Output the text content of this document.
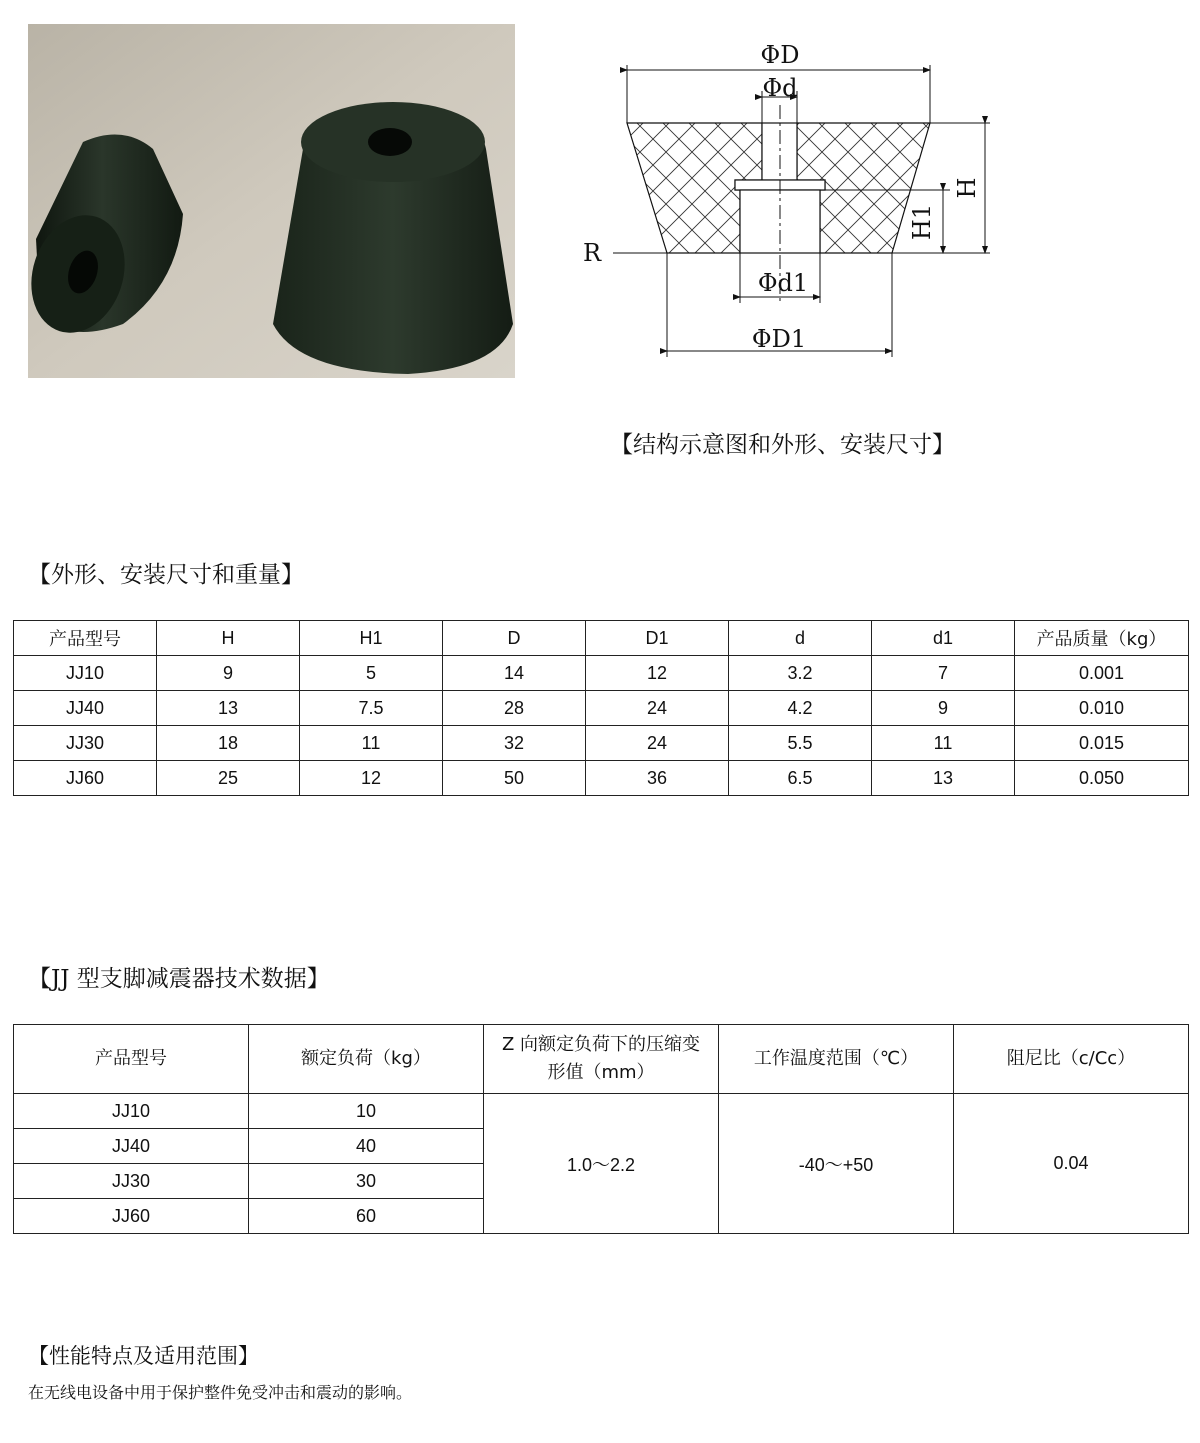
ΦD
Φd
H
H1
R
Φd1
ΦD1
【结构示意图和外形、安装尺寸】
【外形、安装尺寸和重量】
产品型号	H	H1	D	D1	d	d1	产品质量（kg）
JJ10	9	5	14	12	3.2	7	0.001
JJ40	13	7.5	28	24	4.2	9	0.010
JJ30	18	11	32	24	5.5	11	0.015
JJ60	25	12	50	36	6.5	13	0.050
【JJ 型支脚减震器技术数据】
产品型号	额定负荷（kg）	Z 向额定负荷下的压缩变形值（mm）	工作温度范围（℃）	阻尼比（c/Cc）
JJ10	10	1.0～2.2	-40～+50	0.04
JJ40	40			
JJ30	30			
JJ60	60			
【性能特点及适用范围】
在无线电设备中用于保护整件免受冲击和震动的影响。
